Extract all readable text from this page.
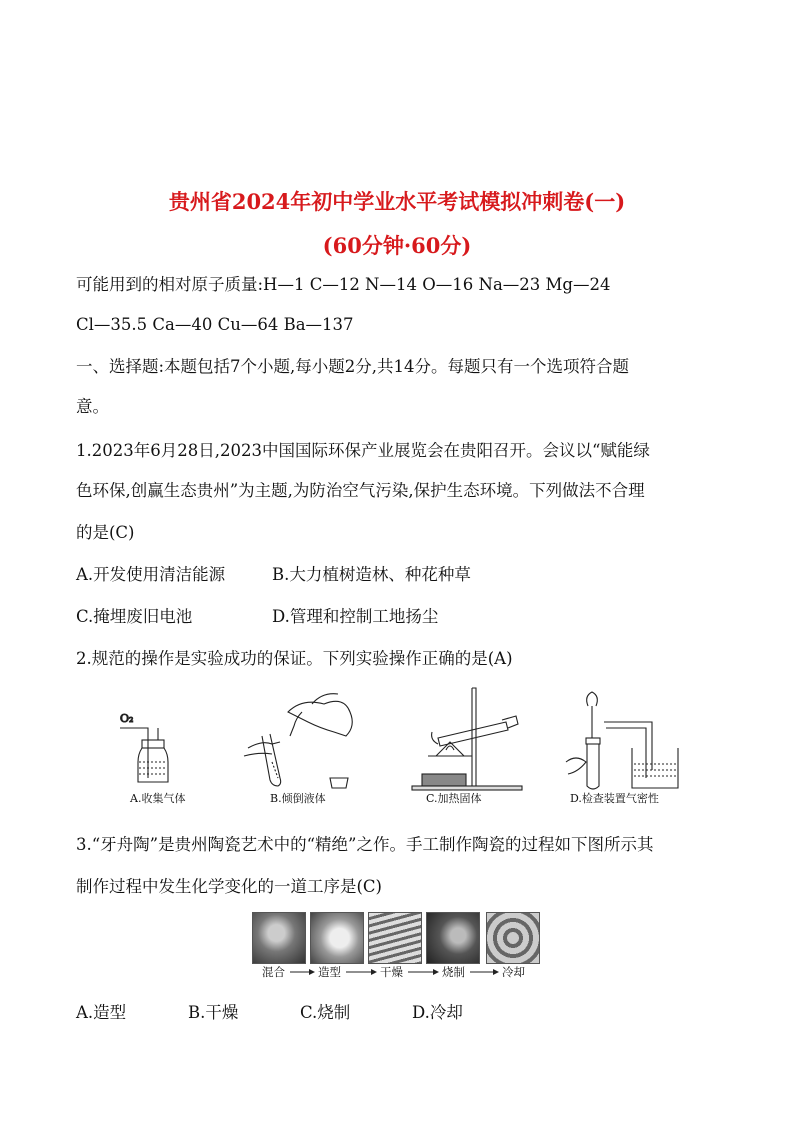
贵州省2024年初中学业水平考试模拟冲刺卷(一)
(60分钟·60分)
可能用到的相对原子质量:H—1 C—12 N—14 O—16 Na—23 Mg—24
Cl—35.5 Ca—40 Cu—64 Ba—137
一、选择题:本题包括7个小题,每小题2分,共14分。每题只有一个选项符合题
意。
1.2023年6月28日,2023中国国际环保产业展览会在贵阳召开。会议以“赋能绿
色环保,创赢生态贵州”为主题,为防治空气污染,保护生态环境。下列做法不合理
的是(C)
A.开发使用清洁能源	B.大力植树造林、种花种草
C.掩埋废旧电池	D.管理和控制工地扬尘
2.规范的操作是实验成功的保证。下列实验操作正确的是(A)
O₂
A.收集气体	B.倾倒液体	C.加热固体	D.检查装置气密性
3.“牙舟陶”是贵州陶瓷艺术中的“精绝”之作。手工制作陶瓷的过程如下图所示其
制作过程中发生化学变化的一道工序是(C)
混合	造型	干燥	烧制	冷却
A.造型	B.干燥	C.烧制	D.冷却
